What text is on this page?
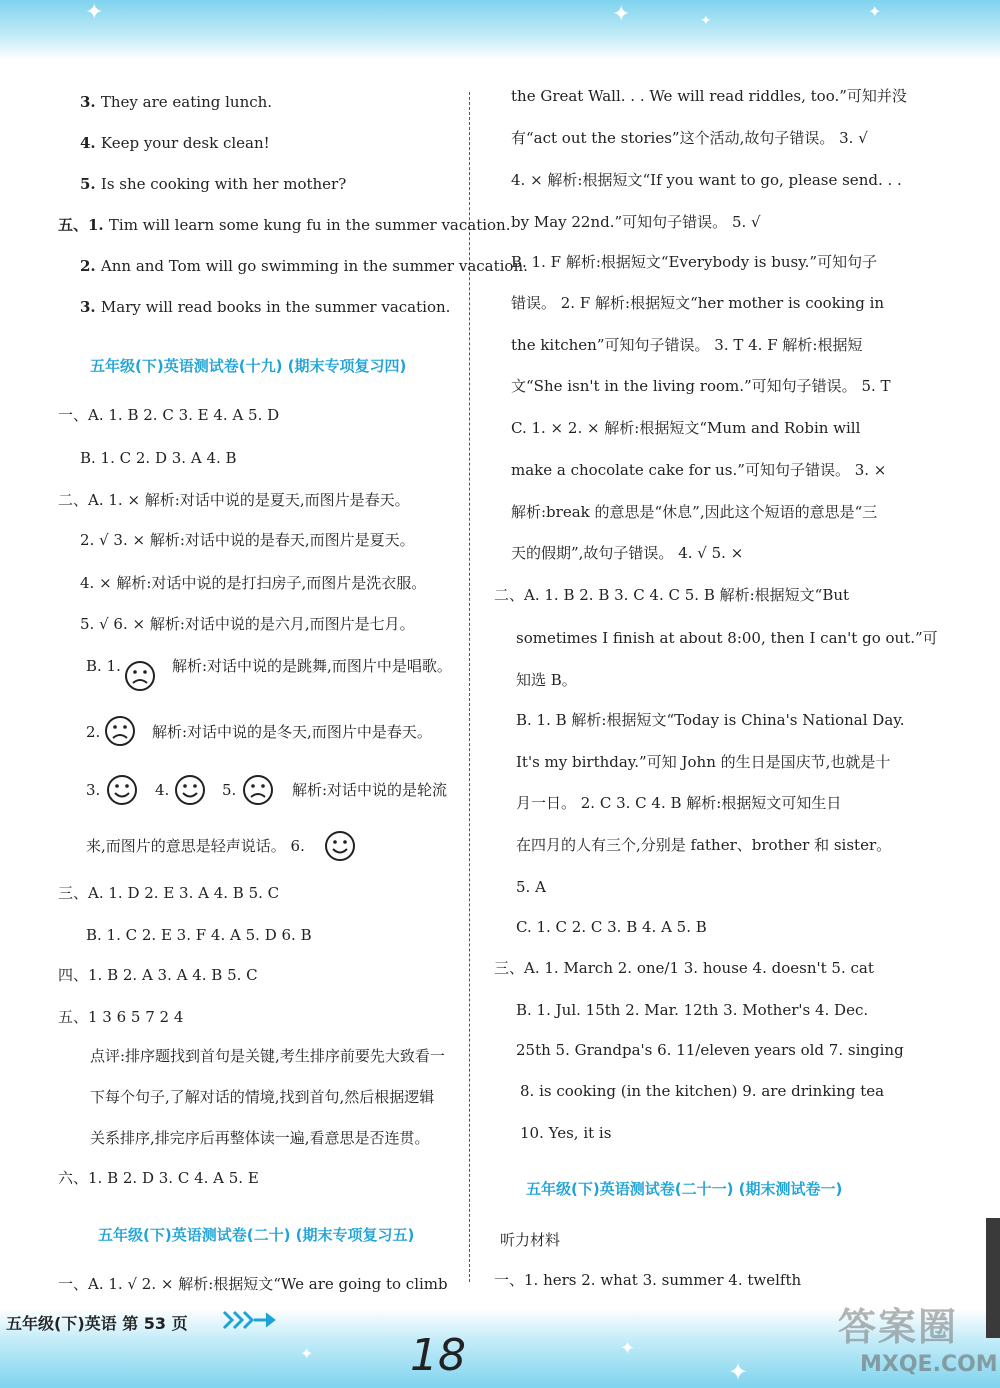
✦	✦	✦	✦
3. They are eating lunch.
4. Keep your desk clean!
5. Is she cooking with her mother?
五、1. Tim will learn some kung fu in the summer vacation.
2. Ann and Tom will go swimming in the summer vacation.
3. Mary will read books in the summer vacation.
五年级(下)英语测试卷(十九) (期末专项复习四)
一、A. 1. B 2. C 3. E 4. A 5. D
B. 1. C 2. D 3. A 4. B
二、A. 1. × 解析:对话中说的是夏天,而图片是春天。
2. √ 3. × 解析:对话中说的是春天,而图片是夏天。
4. × 解析:对话中说的是打扫房子,而图片是洗衣服。
5. √ 6. × 解析:对话中说的是六月,而图片是七月。
B. 1.	解析:对话中说的是跳舞,而图片中是唱歌。
2.	解析:对话中说的是冬天,而图片中是春天。
3.	4.	5.	解析:对话中说的是轮流
来,而图片的意思是轻声说话。 6.
三、A. 1. D 2. E 3. A 4. B 5. C
B. 1. C 2. E 3. F 4. A 5. D 6. B
四、1. B 2. A 3. A 4. B 5. C
五、1 3 6 5 7 2 4
点评:排序题找到首句是关键,考生排序前要先大致看一
下每个句子,了解对话的情境,找到首句,然后根据逻辑
关系排序,排完序后再整体读一遍,看意思是否连贯。
六、1. B 2. D 3. C 4. A 5. E
五年级(下)英语测试卷(二十) (期末专项复习五)
一、A. 1. √ 2. × 解析:根据短文“We are going to climb
the Great Wall. . . We will read riddles, too.”可知并没
有“act out the stories”这个活动,故句子错误。 3. √
4. × 解析:根据短文“If you want to go, please send. . .
by May 22nd.”可知句子错误。 5. √
B. 1. F 解析:根据短文“Everybody is busy.”可知句子
错误。 2. F 解析:根据短文“her mother is cooking in
the kitchen”可知句子错误。 3. T 4. F 解析:根据短
文“She isn't in the living room.”可知句子错误。 5. T
C. 1. × 2. × 解析:根据短文“Mum and Robin will
make a chocolate cake for us.”可知句子错误。 3. ×
解析:break 的意思是“休息”,因此这个短语的意思是“三
天的假期”,故句子错误。 4. √ 5. ×
二、A. 1. B 2. B 3. C 4. C 5. B 解析:根据短文“But
sometimes I finish at about 8:00, then I can't go out.”可
知选 B。
B. 1. B 解析:根据短文“Today is China's National Day.
It's my birthday.”可知 John 的生日是国庆节,也就是十
月一日。 2. C 3. C 4. B 解析:根据短文可知生日
在四月的人有三个,分别是 father、brother 和 sister。
5. A
C. 1. C 2. C 3. B 4. A 5. B
三、A. 1. March 2. one/1 3. house 4. doesn't 5. cat
B. 1. Jul. 15th 2. Mar. 12th 3. Mother's 4. Dec.
25th 5. Grandpa's 6. 11/eleven years old 7. singing
8. is cooking (in the kitchen) 9. are drinking tea
10. Yes, it is
五年级(下)英语测试卷(二十一) (期末测试卷一)
听力材料
一、1. hers 2. what 3. summer 4. twelfth
✦	✦
✦
五年级(下)英语 第 53 页
18
答案圈
MXQE.COM
